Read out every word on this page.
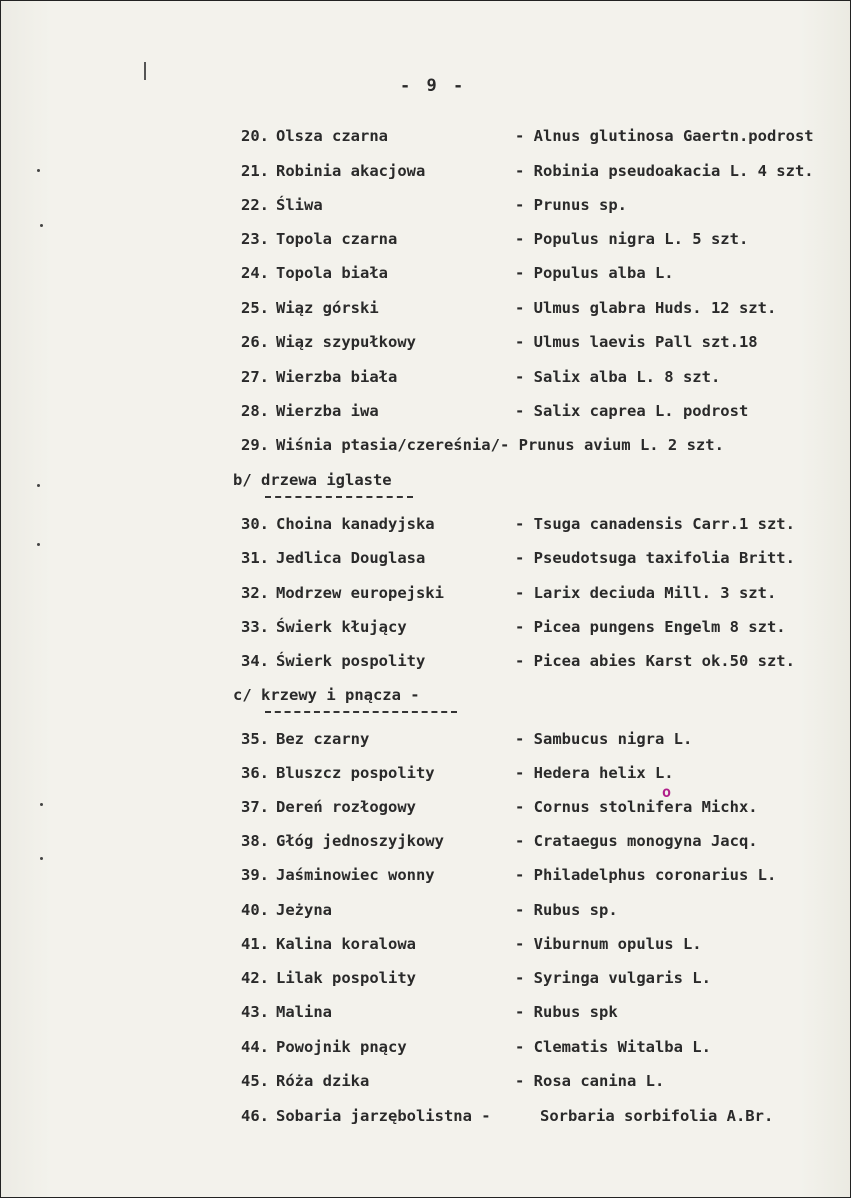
- 9 -
20. Olsza czarna	- Alnus glutinosa Gaertn.podrost
21. Robinia akacjowa	- Robinia pseudoakacia L. 4 szt.
22. Śliwa	- Prunus sp.
23. Topola czarna	- Populus nigra L. 5 szt.
24. Topola biała	- Populus alba L.
25. Wiąz górski	- Ulmus glabra Huds. 12 szt.
26. Wiąz szypułkowy	- Ulmus laevis Pall szt.18
27. Wierzba biała	- Salix alba L. 8 szt.
28. Wierzba iwa	- Salix caprea L. podrost
29. Wiśnia ptasia/czereśnia/- Prunus avium L. 2 szt.
b/ drzewa iglaste
30. Choina kanadyjska	- Tsuga canadensis Carr.1 szt.
31. Jedlica Douglasa	- Pseudotsuga taxifolia Britt.
32. Modrzew europejski	- Larix deciuda Mill. 3 szt.
33. Świerk kłujący	- Picea pungens Engelm 8 szt.
34. Świerk pospolity	- Picea abies Karst ok.50 szt.
c/ krzewy i pnącza -
35. Bez czarny	- Sambucus nigra L.
36. Bluszcz pospolity	- Hedera helix L.
37. Dereń rozłogowy	- Cornus stolnifera Michx.
o
38. Głóg jednoszyjkowy	- Crataegus monogyna Jacq.
39. Jaśminowiec wonny	- Philadelphus coronarius L.
40. Jeżyna	- Rubus sp.
41. Kalina koralowa	- Viburnum opulus L.
42. Lilak pospolity	- Syringa vulgaris L.
43. Malina	- Rubus spk
44. Powojnik pnący	- Clematis Witalba L.
45. Róża dzika	- Rosa canina L.
46. Sobaria jarzębolistna -	Sorbaria sorbifolia A.Br.
